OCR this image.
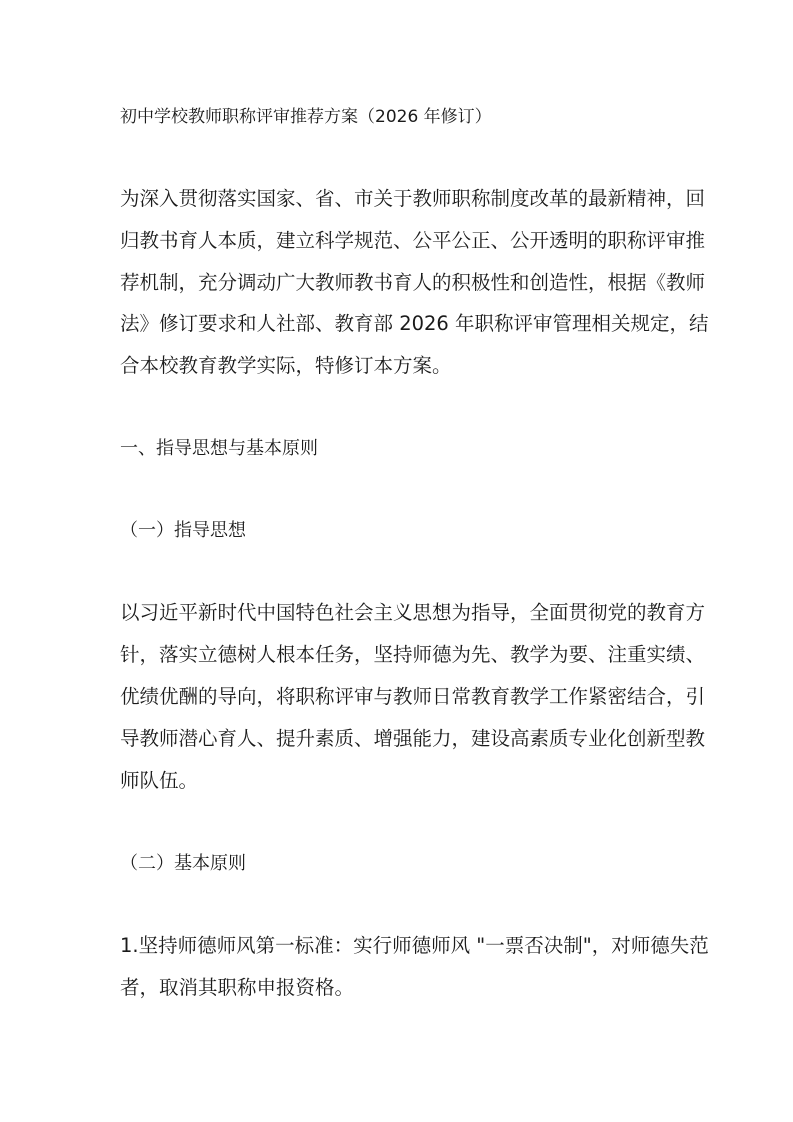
初中学校教师职称评审推荐方案（2026 年修订）
为深入贯彻落实国家、省、市关于教师职称制度改革的最新精神，回
归教书育人本质，建立科学规范、公平公正、公开透明的职称评审推
荐机制，充分调动广大教师教书育人的积极性和创造性，根据《教师
法》修订要求和人社部、教育部 2026 年职称评审管理相关规定，结
合本校教育教学实际，特修订本方案。
一、指导思想与基本原则
（一）指导思想
以习近平新时代中国特色社会主义思想为指导，全面贯彻党的教育方
针，落实立德树人根本任务，坚持师德为先、教学为要、注重实绩、
优绩优酬的导向，将职称评审与教师日常教育教学工作紧密结合，引
导教师潜心育人、提升素质、增强能力，建设高素质专业化创新型教
师队伍。
（二）基本原则
1.坚持师德师风第一标准：实行师德师风 "一票否决制"，对师德失范
者，取消其职称申报资格。
